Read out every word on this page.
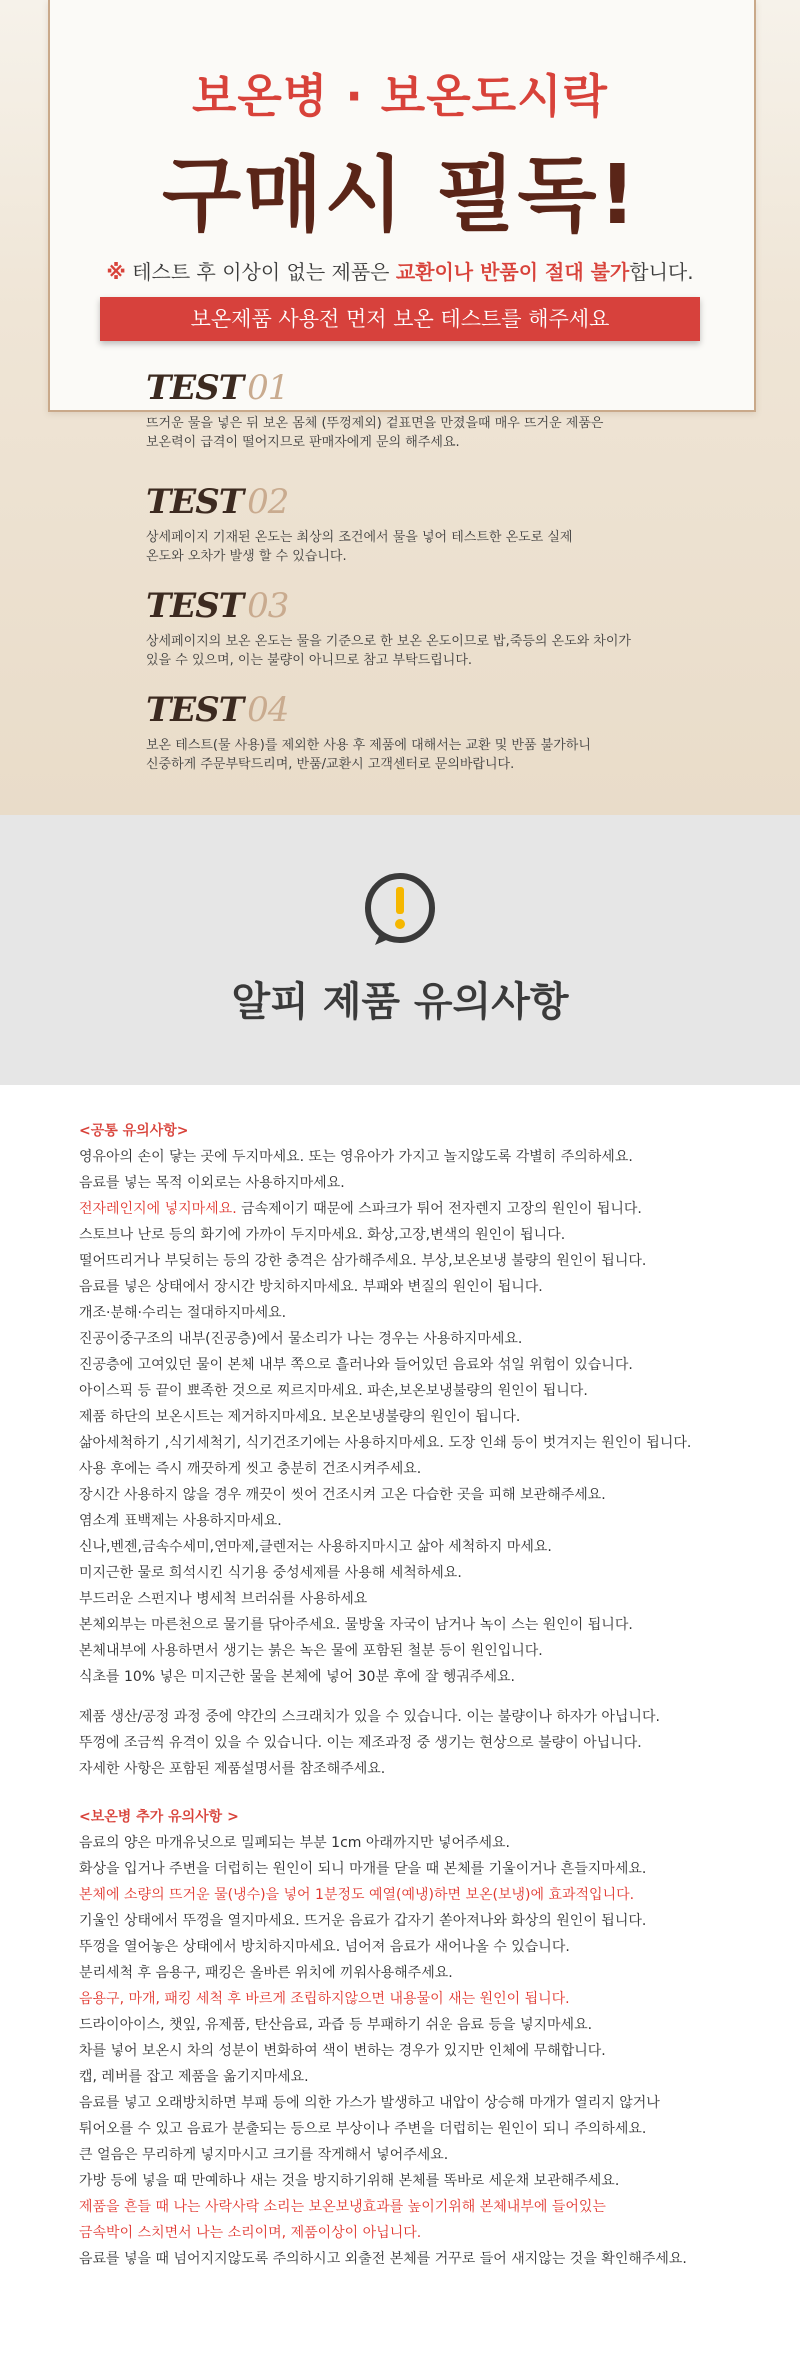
보온병 · 보온도시락
구매시 필독!
※ 테스트 후 이상이 없는 제품은 교환이나 반품이 절대 불가합니다.
보온제품 사용전 먼저 보온 테스트를 해주세요
TEST 01
뜨거운 물을 넣은 뒤 보온 몸체 (뚜껑제외) 겉표면을 만졌을때 매우 뜨거운 제품은
보온력이 급격이 떨어지므로 판매자에게 문의 해주세요.
TEST 02
상세페이지 기재된 온도는 최상의 조건에서 물을 넣어 테스트한 온도로 실제
온도와 오차가 발생 할 수 있습니다.
TEST 03
상세페이지의 보온 온도는 물을 기준으로 한 보온 온도이므로 밥,죽등의 온도와 차이가
있을 수 있으며, 이는 불량이 아니므로 참고 부탁드립니다.
TEST 04
보온 테스트(물 사용)를 제외한 사용 후 제품에 대해서는 교환 및 반품 불가하니
신중하게 주문부탁드리며, 반품/교환시 고객센터로 문의바랍니다.
알피 제품 유의사항
<공통 유의사항>
영유아의 손이 닿는 곳에 두지마세요. 또는 영유아가 가지고 놀지않도록 각별히 주의하세요.
음료를 넣는 목적 이외로는 사용하지마세요.
전자레인지에 넣지마세요. 금속제이기 때문에 스파크가 튀어 전자렌지 고장의 원인이 됩니다.
스토브나 난로 등의 화기에 가까이 두지마세요. 화상,고장,변색의 원인이 됩니다.
떨어뜨리거나 부딪히는 등의 강한 충격은 삼가해주세요. 부상,보온보냉 불량의 원인이 됩니다.
음료를 넣은 상태에서 장시간 방치하지마세요. 부패와 변질의 원인이 됩니다.
개조·분해·수리는 절대하지마세요.
진공이중구조의 내부(진공층)에서 물소리가 나는 경우는 사용하지마세요.
진공층에 고여있던 물이 본체 내부 쪽으로 흘러나와 들어있던 음료와 섞일 위험이 있습니다.
아이스픽 등 끝이 뾰족한 것으로 찌르지마세요. 파손,보온보냉불량의 원인이 됩니다.
제품 하단의 보온시트는 제거하지마세요. 보온보냉불량의 원인이 됩니다.
삶아세척하기 ,식기세척기, 식기건조기에는 사용하지마세요. 도장 인쇄 등이 벗겨지는 원인이 됩니다.
사용 후에는 즉시 깨끗하게 씻고 충분히 건조시켜주세요.
장시간 사용하지 않을 경우 깨끗이 씻어 건조시켜 고온 다습한 곳을 피해 보관해주세요.
염소계 표백제는 사용하지마세요.
신나,벤젠,금속수세미,연마제,클렌저는 사용하지마시고 삶아 세척하지 마세요.
미지근한 물로 희석시킨 식기용 중성세제를 사용해 세척하세요.
부드러운 스펀지나 병세척 브러쉬를 사용하세요
본체외부는 마른천으로 물기를 닦아주세요. 물방울 자국이 남거나 녹이 스는 원인이 됩니다.
본체내부에 사용하면서 생기는 붉은 녹은 물에 포함된 철분 등이 원인입니다.
식초를 10% 넣은 미지근한 물을 본체에 넣어 30분 후에 잘 헹궈주세요.
제품 생산/공정 과정 중에 약간의 스크래치가 있을 수 있습니다. 이는 불량이나 하자가 아닙니다.
뚜껑에 조금씩 유격이 있을 수 있습니다. 이는 제조과정 중 생기는 현상으로 불량이 아닙니다.
자세한 사항은 포함된 제품설명서를 참조해주세요.
<보온병 추가 유의사항 >
음료의 양은 마개유닛으로 밀폐되는 부분 1cm 아래까지만 넣어주세요.
화상을 입거나 주변을 더럽히는 원인이 되니 마개를 닫을 때 본체를 기울이거나 흔들지마세요.
본체에 소량의 뜨거운 물(냉수)을 넣어 1분정도 예열(예냉)하면 보온(보냉)에 효과적입니다.
기울인 상태에서 뚜껑을 열지마세요. 뜨거운 음료가 갑자기 쏟아져나와 화상의 원인이 됩니다.
뚜껑을 열어놓은 상태에서 방치하지마세요. 넘어져 음료가 새어나올 수 있습니다.
분리세척 후 음용구, 패킹은 올바른 위치에 끼워사용해주세요.
음용구, 마개, 패킹 세척 후 바르게 조립하지않으면 내용물이 새는 원인이 됩니다.
드라이아이스, 챗잎, 유제품, 탄산음료, 과즙 등 부패하기 쉬운 음료 등을 넣지마세요.
차를 넣어 보온시 차의 성분이 변화하여 색이 변하는 경우가 있지만 인체에 무해합니다.
캡, 레버를 잡고 제품을 옮기지마세요.
음료를 넣고 오래방치하면 부패 등에 의한 가스가 발생하고 내압이 상승해 마개가 열리지 않거나
튀어오를 수 있고 음료가 분출되는 등으로 부상이나 주변을 더럽히는 원인이 되니 주의하세요.
큰 얼음은 무리하게 넣지마시고 크기를 작게해서 넣어주세요.
가방 등에 넣을 때 만예하나 새는 것을 방지하기위해 본체를 똑바로 세운채 보관해주세요.
제품을 흔들 때 나는 사락사락 소리는 보온보냉효과를 높이기위해 본체내부에 들어있는
금속박이 스치면서 나는 소리이며, 제품이상이 아닙니다.
음료를 넣을 때 넘어지지않도록 주의하시고 외출전 본체를 거꾸로 들어 새지않는 것을 확인해주세요.
